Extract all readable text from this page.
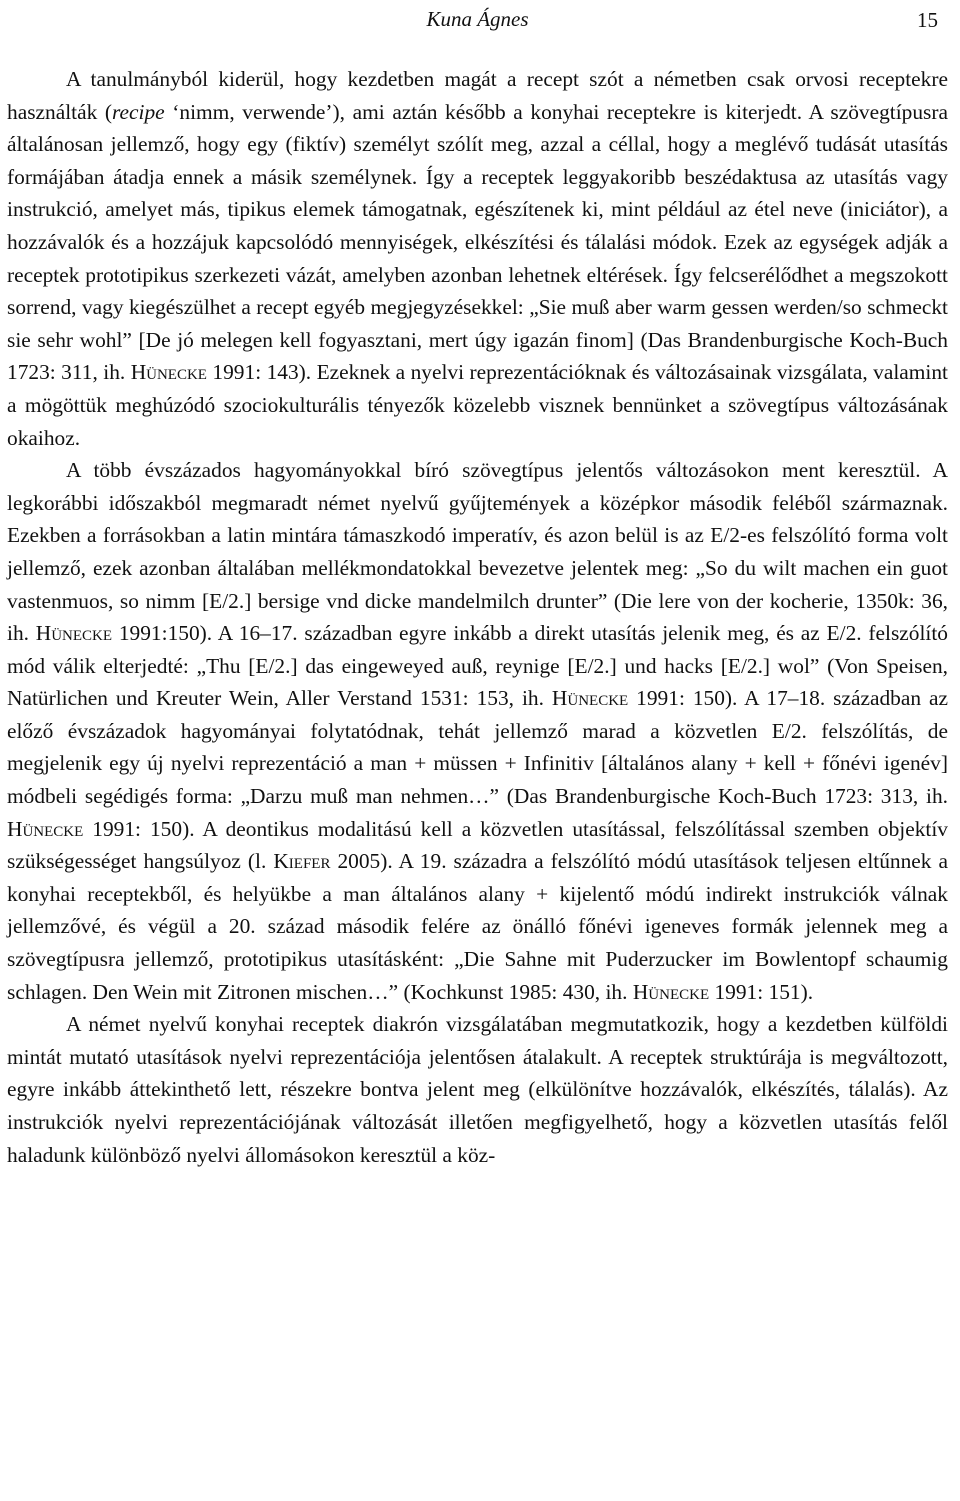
Kuna Ágnes	15

A tanulmányból kiderül, hogy kezdetben magát a recept szót a németben csak orvosi receptekre használták (recipe ‘nimm, verwende’), ami aztán később a konyhai receptekre is kiterjedt. A szövegtípusra általánosan jellemző, hogy egy (fiktív) személyt szólít meg, azzal a céllal, hogy a meglévő tudását utasítás formájában átadja ennek a másik személynek. Így a receptek leggyakoribb beszédaktusa az utasítás vagy instrukció, amelyet más, tipikus elemek támogatnak, egészítenek ki, mint például az étel neve (iniciátor), a hozzávalók és a hozzájuk kapcsolódó mennyiségek, elkészítési és tálalási módok. Ezek az egységek adják a receptek prototipikus szerkezeti vázát, amelyben azonban lehetnek eltérések. Így felcserélődhet a megszokott sorrend, vagy kiegészülhet a recept egyéb megjegyzésekkel: „Sie muß aber warm gessen werden/so schmeckt sie sehr wohl” [De jó melegen kell fogyasztani, mert úgy igazán finom] (Das Brandenburgische Koch-Buch 1723: 311, ih. Hünecke 1991: 143). Ezeknek a nyelvi reprezentációknak és változásainak vizsgálata, valamint a mögöttük meghúzódó szociokulturális tényezők közelebb visznek bennünket a szövegtípus változásának okaihoz.

A több évszázados hagyományokkal bíró szövegtípus jelentős változásokon ment keresztül. A legkorábbi időszakból megmaradt német nyelvű gyűjtemények a középkor második feléből származnak. Ezekben a forrásokban a latin mintára támaszkodó imperatív, és azon belül is az E/2-es felszólító forma volt jellemző, ezek azonban általában mellékmondatokkal bevezetve jelentek meg: „So du wilt machen ein guot vastenmuos, so nimm [E/2.] bersige vnd dicke mandelmilch drunter” (Die lere von der kocherie, 1350k: 36, ih. Hünecke 1991:150). A 16–17. században egyre inkább a direkt utasítás jelenik meg, és az E/2. felszólító mód válik elterjedté: „Thu [E/2.] das eingeweyed auß, reynige [E/2.] und hacks [E/2.] wol” (Von Speisen, Natürlichen und Kreuter Wein, Aller Verstand 1531: 153, ih. Hünecke 1991: 150). A 17–18. században az előző évszázadok hagyományai folytatódnak, tehát jellemző marad a közvetlen E/2. felszólítás, de megjelenik egy új nyelvi reprezentáció a man + müssen + Infinitiv [általános alany + kell + főnévi igenév] módbeli segédigés forma: „Darzu muß man nehmen…” (Das Brandenburgische Koch-Buch 1723: 313, ih. Hünecke 1991: 150). A deontikus modalitású kell a közvetlen utasítással, felszólítással szemben objektív szükségességet hangsúlyoz (l. Kiefer 2005). A 19. századra a felszólító módú utasítások teljesen eltűnnek a konyhai receptekből, és helyükbe a man általános alany + kijelentő módú indirekt instrukciók válnak jellemzővé, és végül a 20. század második felére az önálló főnévi igeneves formák jelennek meg a szövegtípusra jellemző, prototipikus utasításként: „Die Sahne mit Puderzucker im Bowlentopf schaumig schlagen. Den Wein mit Zitronen mischen…” (Kochkunst 1985: 430, ih. Hünecke 1991: 151).

A német nyelvű konyhai receptek diakrón vizsgálatában megmutatkozik, hogy a kezdetben külföldi mintát mutató utasítások nyelvi reprezentációja jelentősen átalakult. A receptek struktúrája is megváltozott, egyre inkább áttekinthető lett, részekre bontva jelent meg (elkülönítve hozzávalók, elkészítés, tálalás). Az instrukciók nyelvi reprezentációjának változását illetően megfigyelhető, hogy a közvetlen utasítás felől haladunk különböző nyelvi állomásokon keresztül a köz-
